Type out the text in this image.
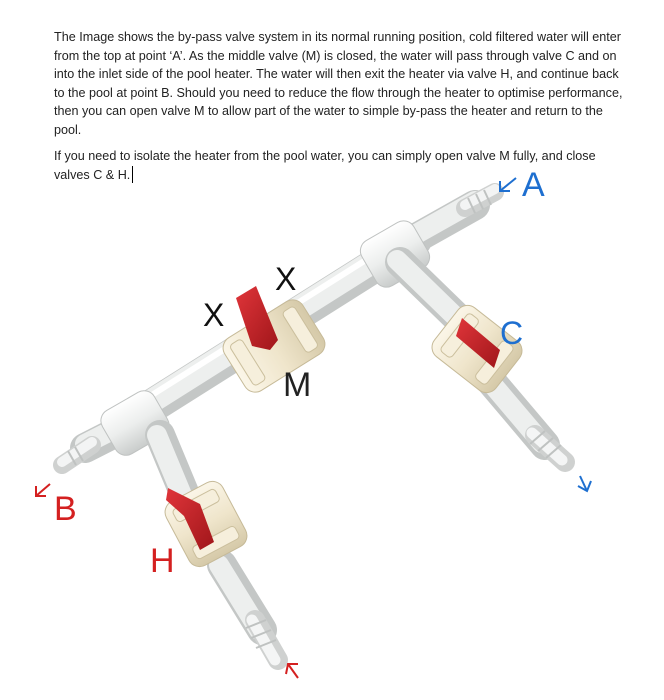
The Image shows the by-pass valve system in its normal running position, cold filtered water will enter from the top at point ‘A’. As the middle valve (M) is closed, the water will pass through valve C and on into the inlet side of the pool heater. The water will then exit the heater via valve H, and continue back to the pool at point B. Should you need to reduce the flow through the heater to optimise performance, then you can open valve M to allow part of the water to simple by-pass the heater and return to the pool.

If you need to isolate the heater from the pool water, you can simply open valve M fully, and close valves C & H.	A
C
B
H
M
X
X
